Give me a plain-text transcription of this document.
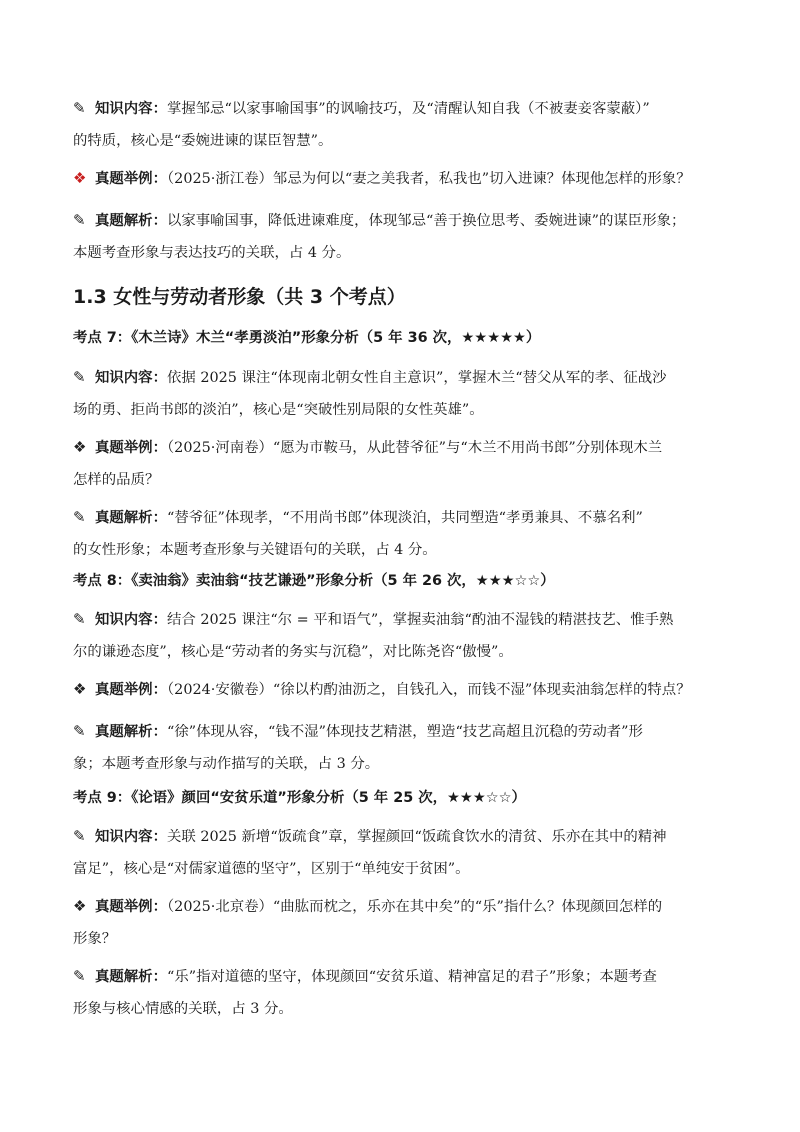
✎ 知识内容：掌握邹忌“以家事喻国事”的讽喻技巧，及“清醒认知自我（不被妻妾客蒙蔽）”
的特质，核心是“委婉进谏的谋臣智慧”。
❖ 真题举例：（2025·浙江卷）邹忌为何以“妻之美我者，私我也”切入进谏？体现他怎样的形象？
✎ 真题解析：以家事喻国事，降低进谏难度，体现邹忌“善于换位思考、委婉进谏”的谋臣形象；
本题考查形象与表达技巧的关联，占 4 分。
1.3 女性与劳动者形象（共 3 个考点）
考点 7：《木兰诗》木兰“孝勇淡泊”形象分析（5 年 36 次，★★★★★）
✎ 知识内容：依据 2025 课注“体现南北朝女性自主意识”，掌握木兰“替父从军的孝、征战沙
场的勇、拒尚书郎的淡泊”，核心是“突破性别局限的女性英雄”。
❖ 真题举例：（2025·河南卷）“愿为市鞍马，从此替爷征”与“木兰不用尚书郎”分别体现木兰
怎样的品质？
✎ 真题解析：“替爷征”体现孝，“不用尚书郎”体现淡泊，共同塑造“孝勇兼具、不慕名利”
的女性形象；本题考查形象与关键语句的关联，占 4 分。
考点 8：《卖油翁》卖油翁“技艺谦逊”形象分析（5 年 26 次，★★★☆☆）
✎ 知识内容：结合 2025 课注“尔 = 平和语气”，掌握卖油翁“酌油不湿钱的精湛技艺、惟手熟
尔的谦逊态度”，核心是“劳动者的务实与沉稳”，对比陈尧咨“傲慢”。
❖ 真题举例：（2024·安徽卷）“徐以杓酌油沥之，自钱孔入，而钱不湿”体现卖油翁怎样的特点？
✎ 真题解析：“徐”体现从容，“钱不湿”体现技艺精湛，塑造“技艺高超且沉稳的劳动者”形
象；本题考查形象与动作描写的关联，占 3 分。
考点 9：《论语》颜回“安贫乐道”形象分析（5 年 25 次，★★★☆☆）
✎ 知识内容：关联 2025 新增“饭疏食”章，掌握颜回“饭疏食饮水的清贫、乐亦在其中的精神
富足”，核心是“对儒家道德的坚守”，区别于“单纯安于贫困”。
❖ 真题举例：（2025·北京卷）“曲肱而枕之，乐亦在其中矣”的“乐”指什么？体现颜回怎样的
形象？
✎ 真题解析：“乐”指对道德的坚守，体现颜回“安贫乐道、精神富足的君子”形象；本题考查
形象与核心情感的关联，占 3 分。
